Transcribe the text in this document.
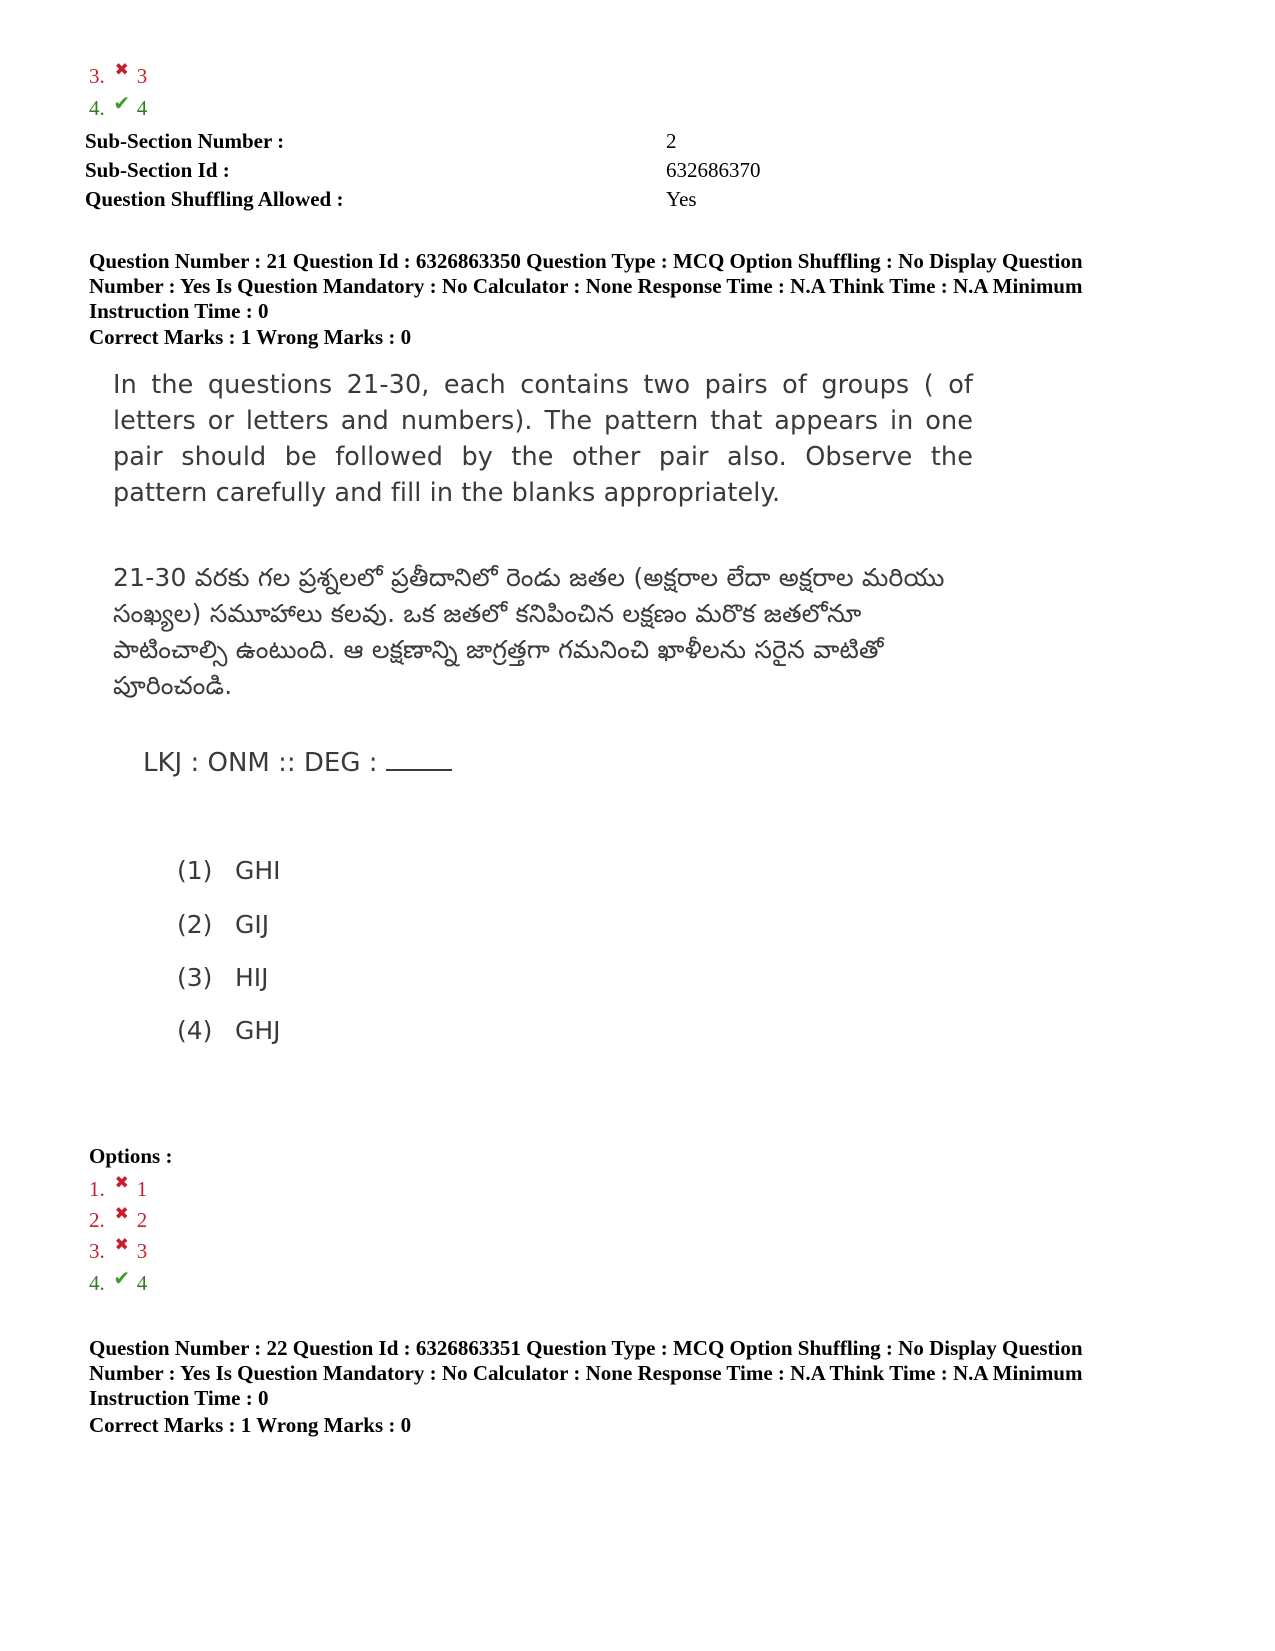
3. ✖ 3
4. ✔ 4
Sub-Section Number :	2
Sub-Section Id :	632686370
Question Shuffling Allowed :	Yes
Question Number : 21 Question Id : 6326863350 Question Type : MCQ Option Shuffling : No Display Question Number : Yes Is Question Mandatory : No Calculator : None Response Time : N.A Think Time : N.A Minimum Instruction Time : 0
Correct Marks : 1 Wrong Marks : 0
In the questions 21-30, each contains two pairs of groups ( of letters or letters and numbers). The pattern that appears in one pair should be followed by the other pair also. Observe the pattern carefully and fill in the blanks appropriately.
21-30 వరకు గల ప్రశ్నలలో ప్రతీదానిలో రెండు జతల (అక్షరాల లేదా అక్షరాల మరియు సంఖ్యల) సమూహాలు కలవు. ఒక జతలో కనిపించిన లక్షణం మరొక జతలోనూ పాటించాల్సి ఉంటుంది. ఆ లక్షణాన్ని జాగ్రత్తగా గమనించి ఖాళీలను సరైన వాటితో పూరించండి.
LKJ : ONM :: DEG :
(1) GHI
(2) GIJ
(3) HIJ
(4) GHJ
Options :
1. ✖ 1
2. ✖ 2
3. ✖ 3
4. ✔ 4
Question Number : 22 Question Id : 6326863351 Question Type : MCQ Option Shuffling : No Display Question Number : Yes Is Question Mandatory : No Calculator : None Response Time : N.A Think Time : N.A Minimum Instruction Time : 0
Correct Marks : 1 Wrong Marks : 0
